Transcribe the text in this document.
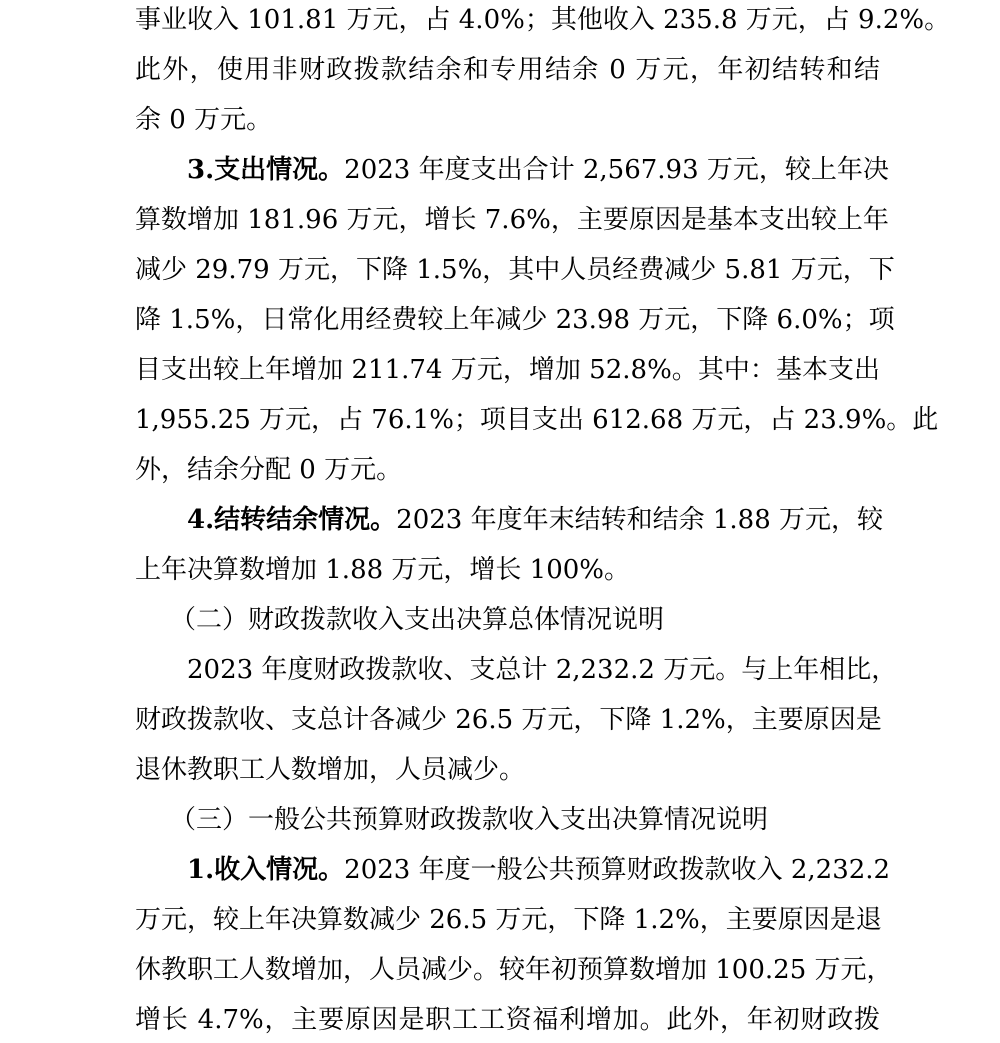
事业收入 101.81 万元，占 4.0%；其他收入 235.8 万元，占 9.2%。
此外，使用非财政拨款结余和专用结余 0 万元，年初结转和结
余 0 万元。
3.支出情况。2023 年度支出合计 2,567.93 万元，较上年决
算数增加 181.96 万元，增长 7.6%，主要原因是基本支出较上年
减少 29.79 万元，下降 1.5%，其中人员经费减少 5.81 万元，下
降 1.5%，日常化用经费较上年减少 23.98 万元，下降 6.0%；项
目支出较上年增加 211.74 万元，增加 52.8%。其中：基本支出
1,955.25 万元，占 76.1%；项目支出 612.68 万元，占 23.9%。此
外，结余分配 0 万元。
4.结转结余情况。2023 年度年末结转和结余 1.88 万元，较
上年决算数增加 1.88 万元，增长 100%。
（二）财政拨款收入支出决算总体情况说明
2023 年度财政拨款收、支总计 2,232.2 万元。与上年相比，
财政拨款收、支总计各减少 26.5 万元，下降 1.2%，主要原因是
退休教职工人数增加，人员减少。
（三）一般公共预算财政拨款收入支出决算情况说明
1.收入情况。2023 年度一般公共预算财政拨款收入 2,232.2
万元，较上年决算数减少 26.5 万元，下降 1.2%，主要原因是退
休教职工人数增加，人员减少。较年初预算数增加 100.25 万元，
增长 4.7%，主要原因是职工工资福利增加。此外，年初财政拨
